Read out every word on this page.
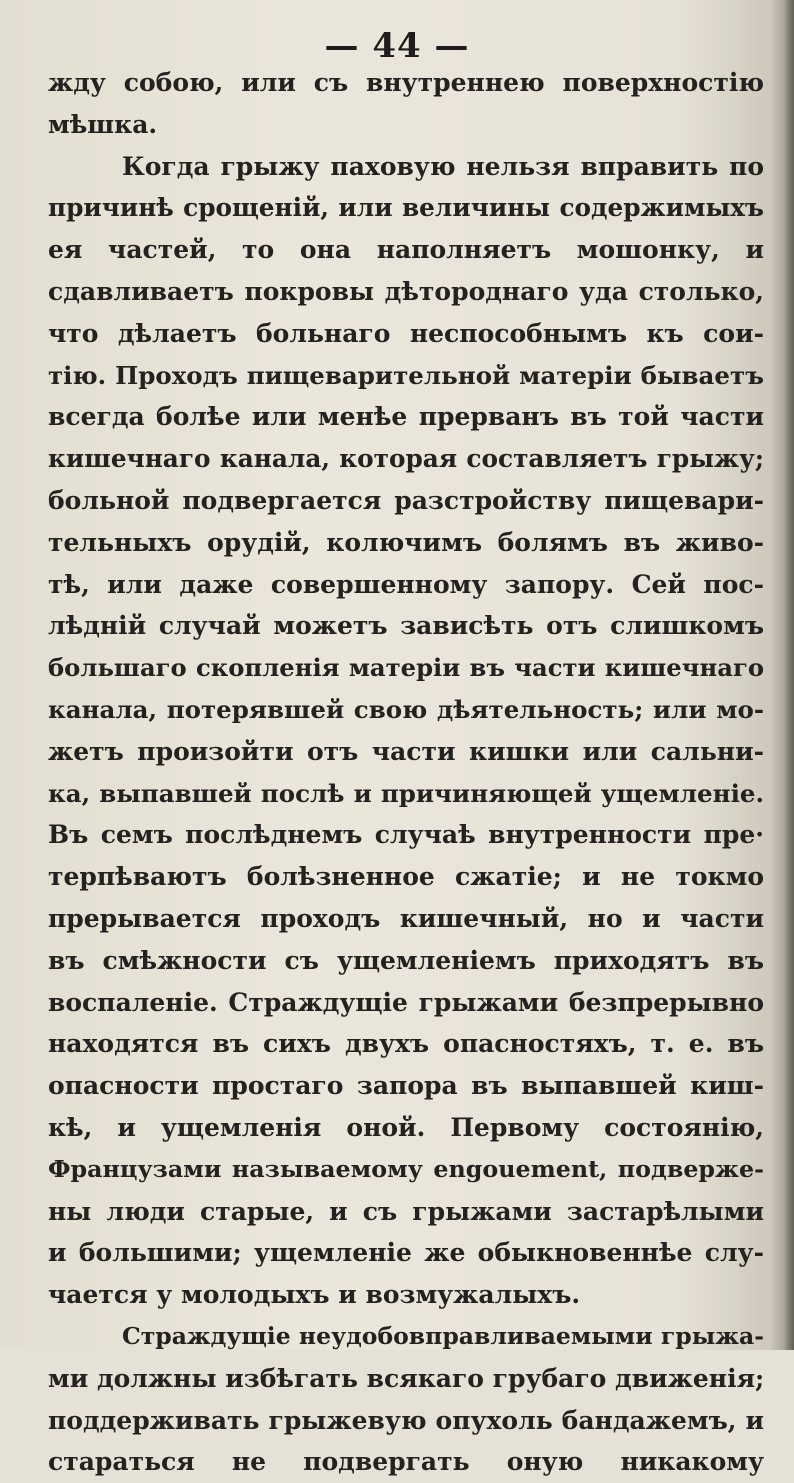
— 44 —
жду собою, или съ внутреннею поверхностію
мѣшка.
Когда грыжу паховую нельзя вправить по
причинѣ срощеній, или величины содержимыхъ
ея частей, то она наполняетъ мошонку, и
сдавливаетъ покровы дѣтороднаго уда столько,
что дѣлаетъ больнаго неспособнымъ къ сои-
тію. Проходъ пищеварительной матеріи бываетъ
всегда болѣе или менѣе прерванъ въ той части
кишечнаго канала, которая составляетъ грыжу;
больной подвергается разстройству пищевари-
тельныхъ орудій, колючимъ болямъ въ живо-
тѣ, или даже совершенному запору. Сей пос-
лѣдній случай можетъ зависѣть отъ слишкомъ
большаго скопленія матеріи въ части кишечнаго
канала, потерявшей свою дѣятельность; или мо-
жетъ произойти отъ части кишки или сальни-
ка, выпавшей послѣ и причиняющей ущемленіе.
Въ семъ послѣднемъ случаѣ внутренности пре·
терпѣваютъ болѣзненное сжатіе; и не токмо
прерывается проходъ кишечный, но и части
въ смѣжности съ ущемленіемъ приходятъ въ
воспаленіе. Страждущіе грыжами безпрерывно
находятся въ сихъ двухъ опасностяхъ, т. е. въ
опасности простаго запора въ выпавшей киш-
кѣ, и ущемленія оной. Первому состоянію,
Французами называемому engouement, подверже-
ны люди старые, и съ грыжами застарѣлыми
и большими; ущемленіе же обыкновеннѣе слу-
чается у молодыхъ и возмужалыхъ.
Страждущіе неудобовправливаемыми грыжа-
ми должны избѣгать всякаго грубаго движенія;
поддерживать грыжевую опухоль бандажемъ, и
стараться не подвергать оную никакому
